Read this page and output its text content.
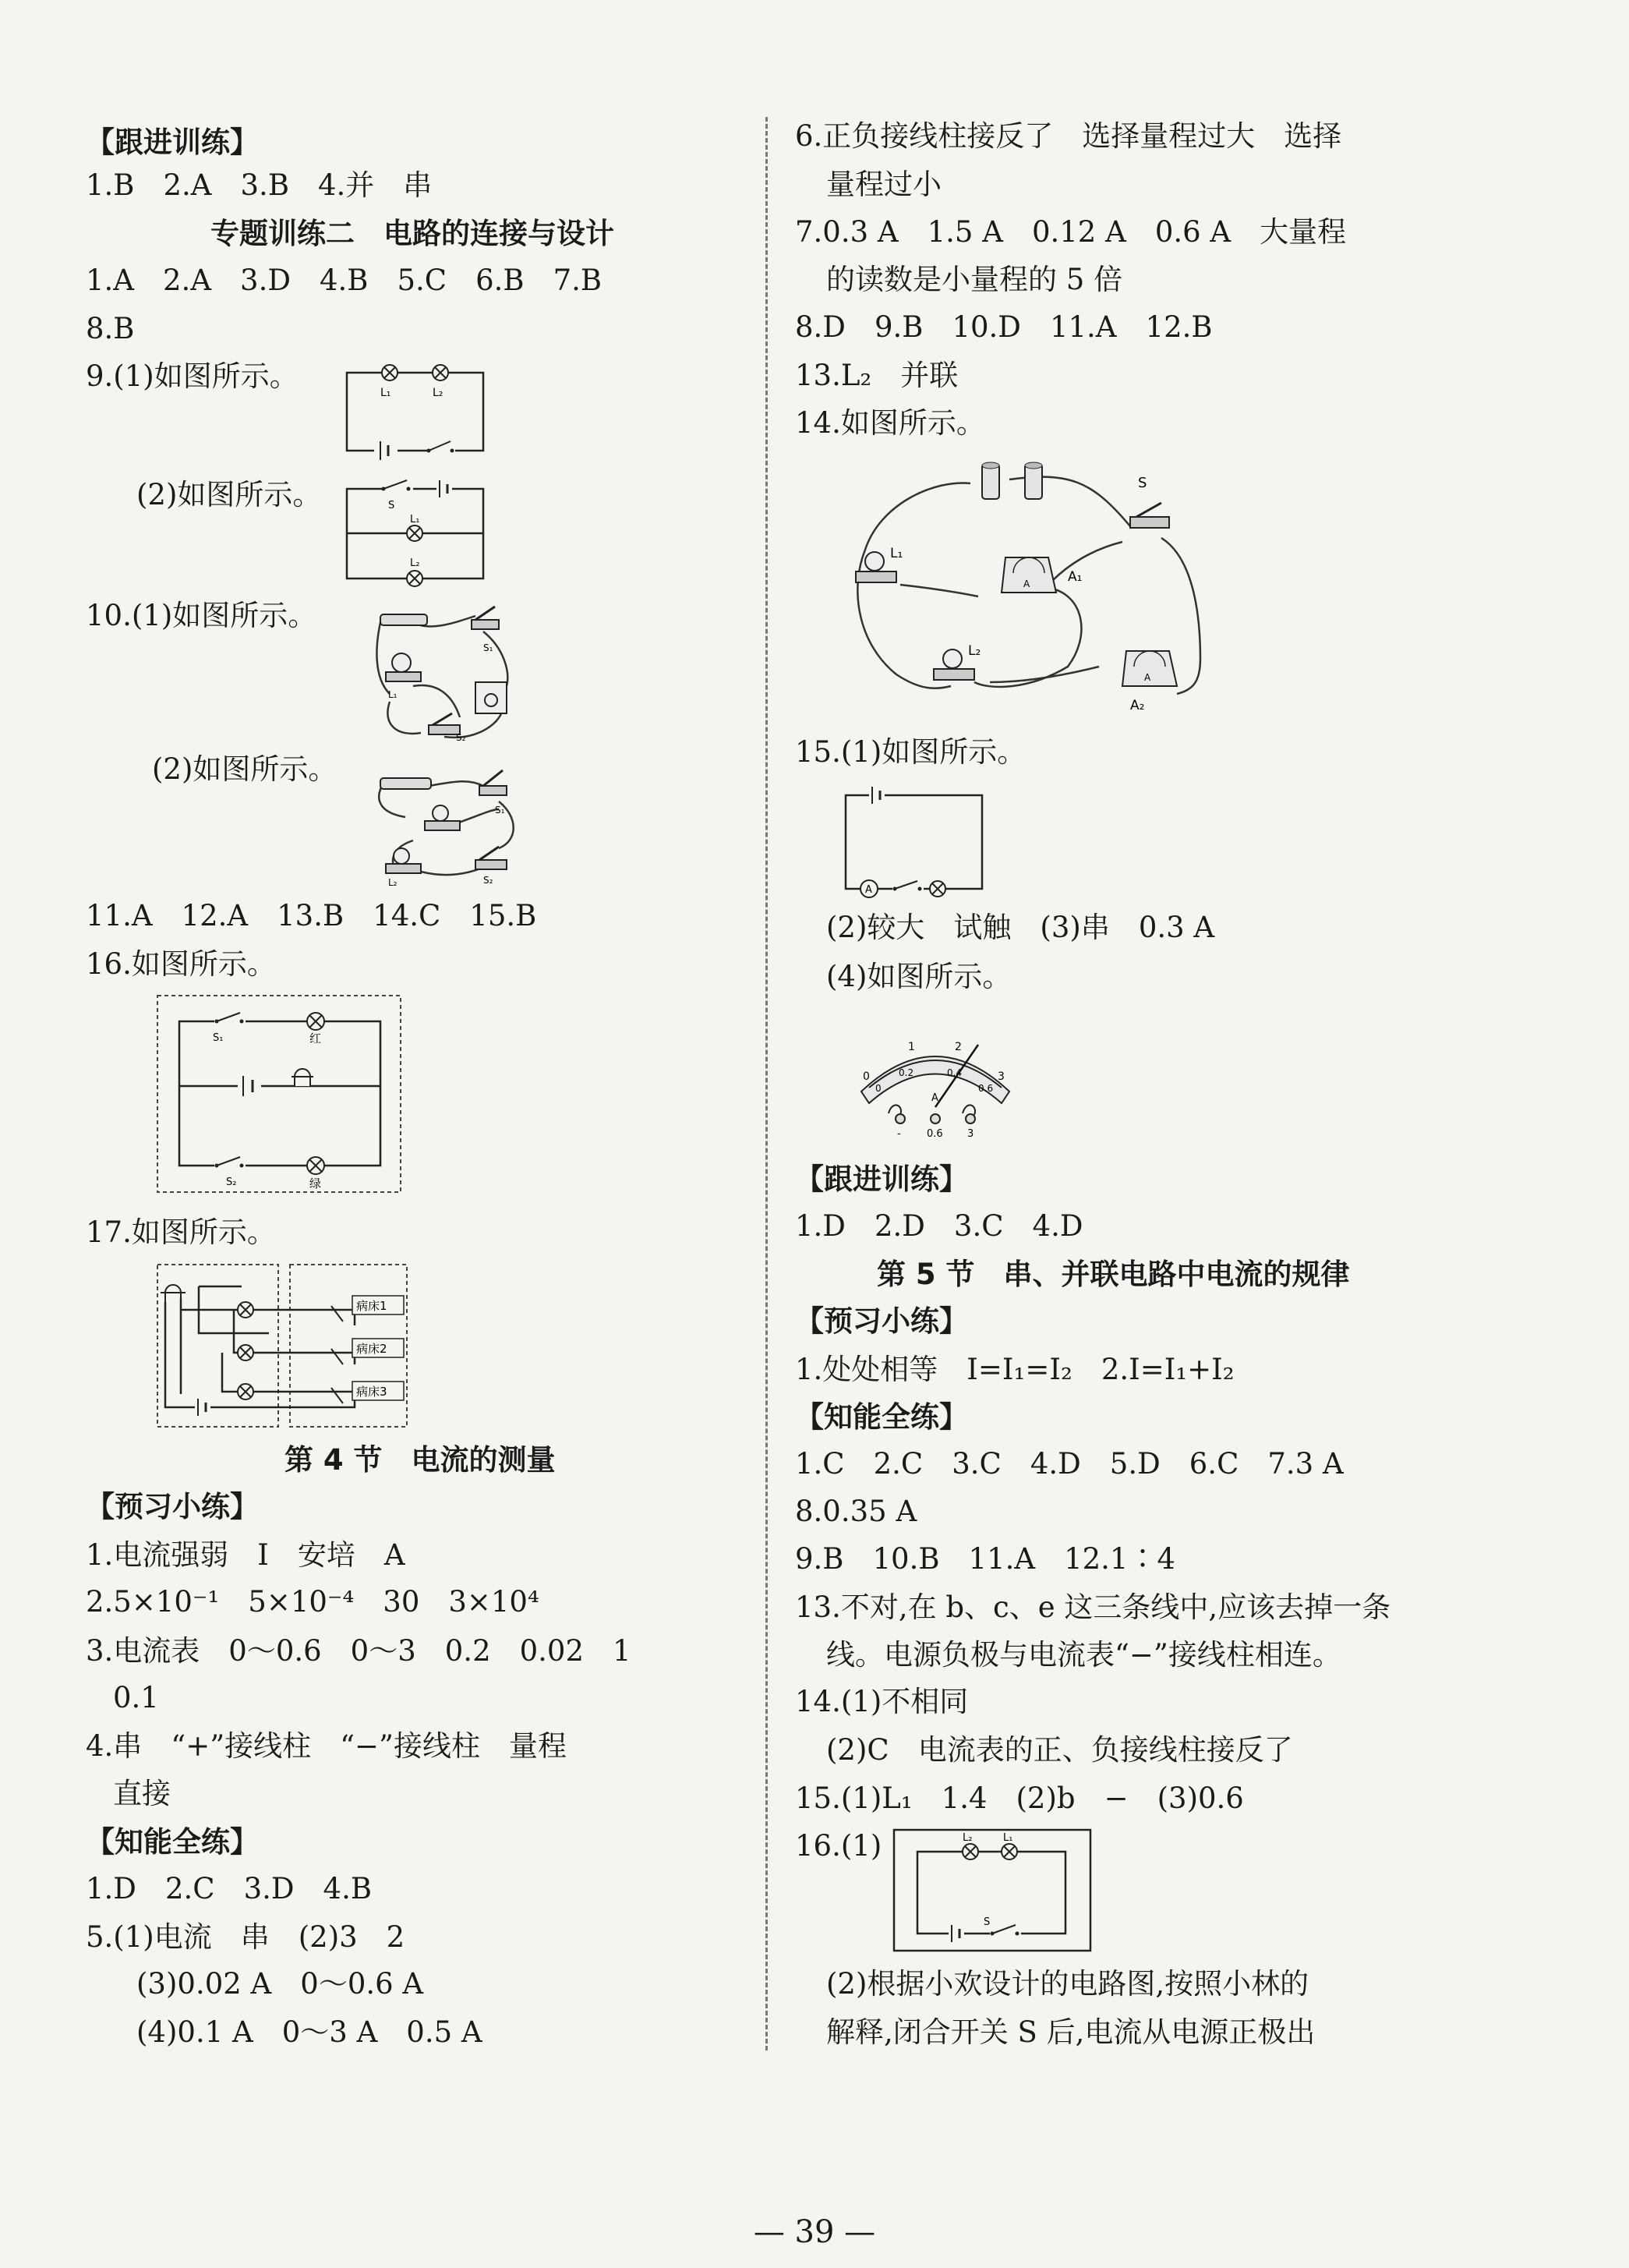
【跟进训练】
1.B　2.A　3.B　4.并　串
专题训练二　电路的连接与设计
1.A　2.A　3.D　4.B　5.C　6.B　7.B
8.B
9.(1)如图所示。
(2)如图所示。
10.(1)如图所示。
(2)如图所示。
11.A　12.A　13.B　14.C　15.B
16.如图所示。
17.如图所示。
第 4 节　电流的测量
【预习小练】
1.电流强弱　I　安培　A
2.5×10⁻¹　5×10⁻⁴　30　3×10⁴
3.电流表　0～0.6　0～3　0.2　0.02　1
0.1
4.串　“+”接线柱　“−”接线柱　量程
直接
【知能全练】
1.D　2.C　3.D　4.B
5.(1)电流　串　(2)3　2
(3)0.02 A　0～0.6 A
(4)0.1 A　0～3 A　0.5 A
L₁	L₂
S
L₁
L₂
S₁
L₁
S₂
S₁
L₂	S₂
S₁	红
绿
S₂
病床1
病床2
病床3
6.正负接线柱接反了　选择量程过大　选择
量程过小
7.0.3 A　1.5 A　0.12 A　0.6 A　大量程
的读数是小量程的 5 倍
8.D　9.B　10.D　11.A　12.B
13.L₂　并联
14.如图所示。
15.(1)如图所示。
(2)较大　试触　(3)串　0.3 A
(4)如图所示。
【跟进训练】
1.D　2.D　3.C　4.D
第 5 节　串、并联电路中电流的规律
【预习小练】
1.处处相等　I=I₁=I₂　2.I=I₁+I₂
【知能全练】
1.C　2.C　3.C　4.D　5.D　6.C　7.3 A
8.0.35 A
9.B　10.B　11.A　12.1∶4
13.不对,在 b、c、e 这三条线中,应该去掉一条
线。电源负极与电流表“−”接线柱相连。
14.(1)不相同
(2)C　电流表的正、负接线柱接反了
15.(1)L₁　1.4　(2)b　−　(3)0.6
16.(1)
(2)根据小欢设计的电路图,按照小林的
解释,闭合开关 S 后,电流从电源正极出
S
L₁
L₂
A	A₁
A
A₂
A
0
1	2
3
0
0.2	0.4
0.6
A
-	0.6 3
L₂	L₁
S
— 39 —
